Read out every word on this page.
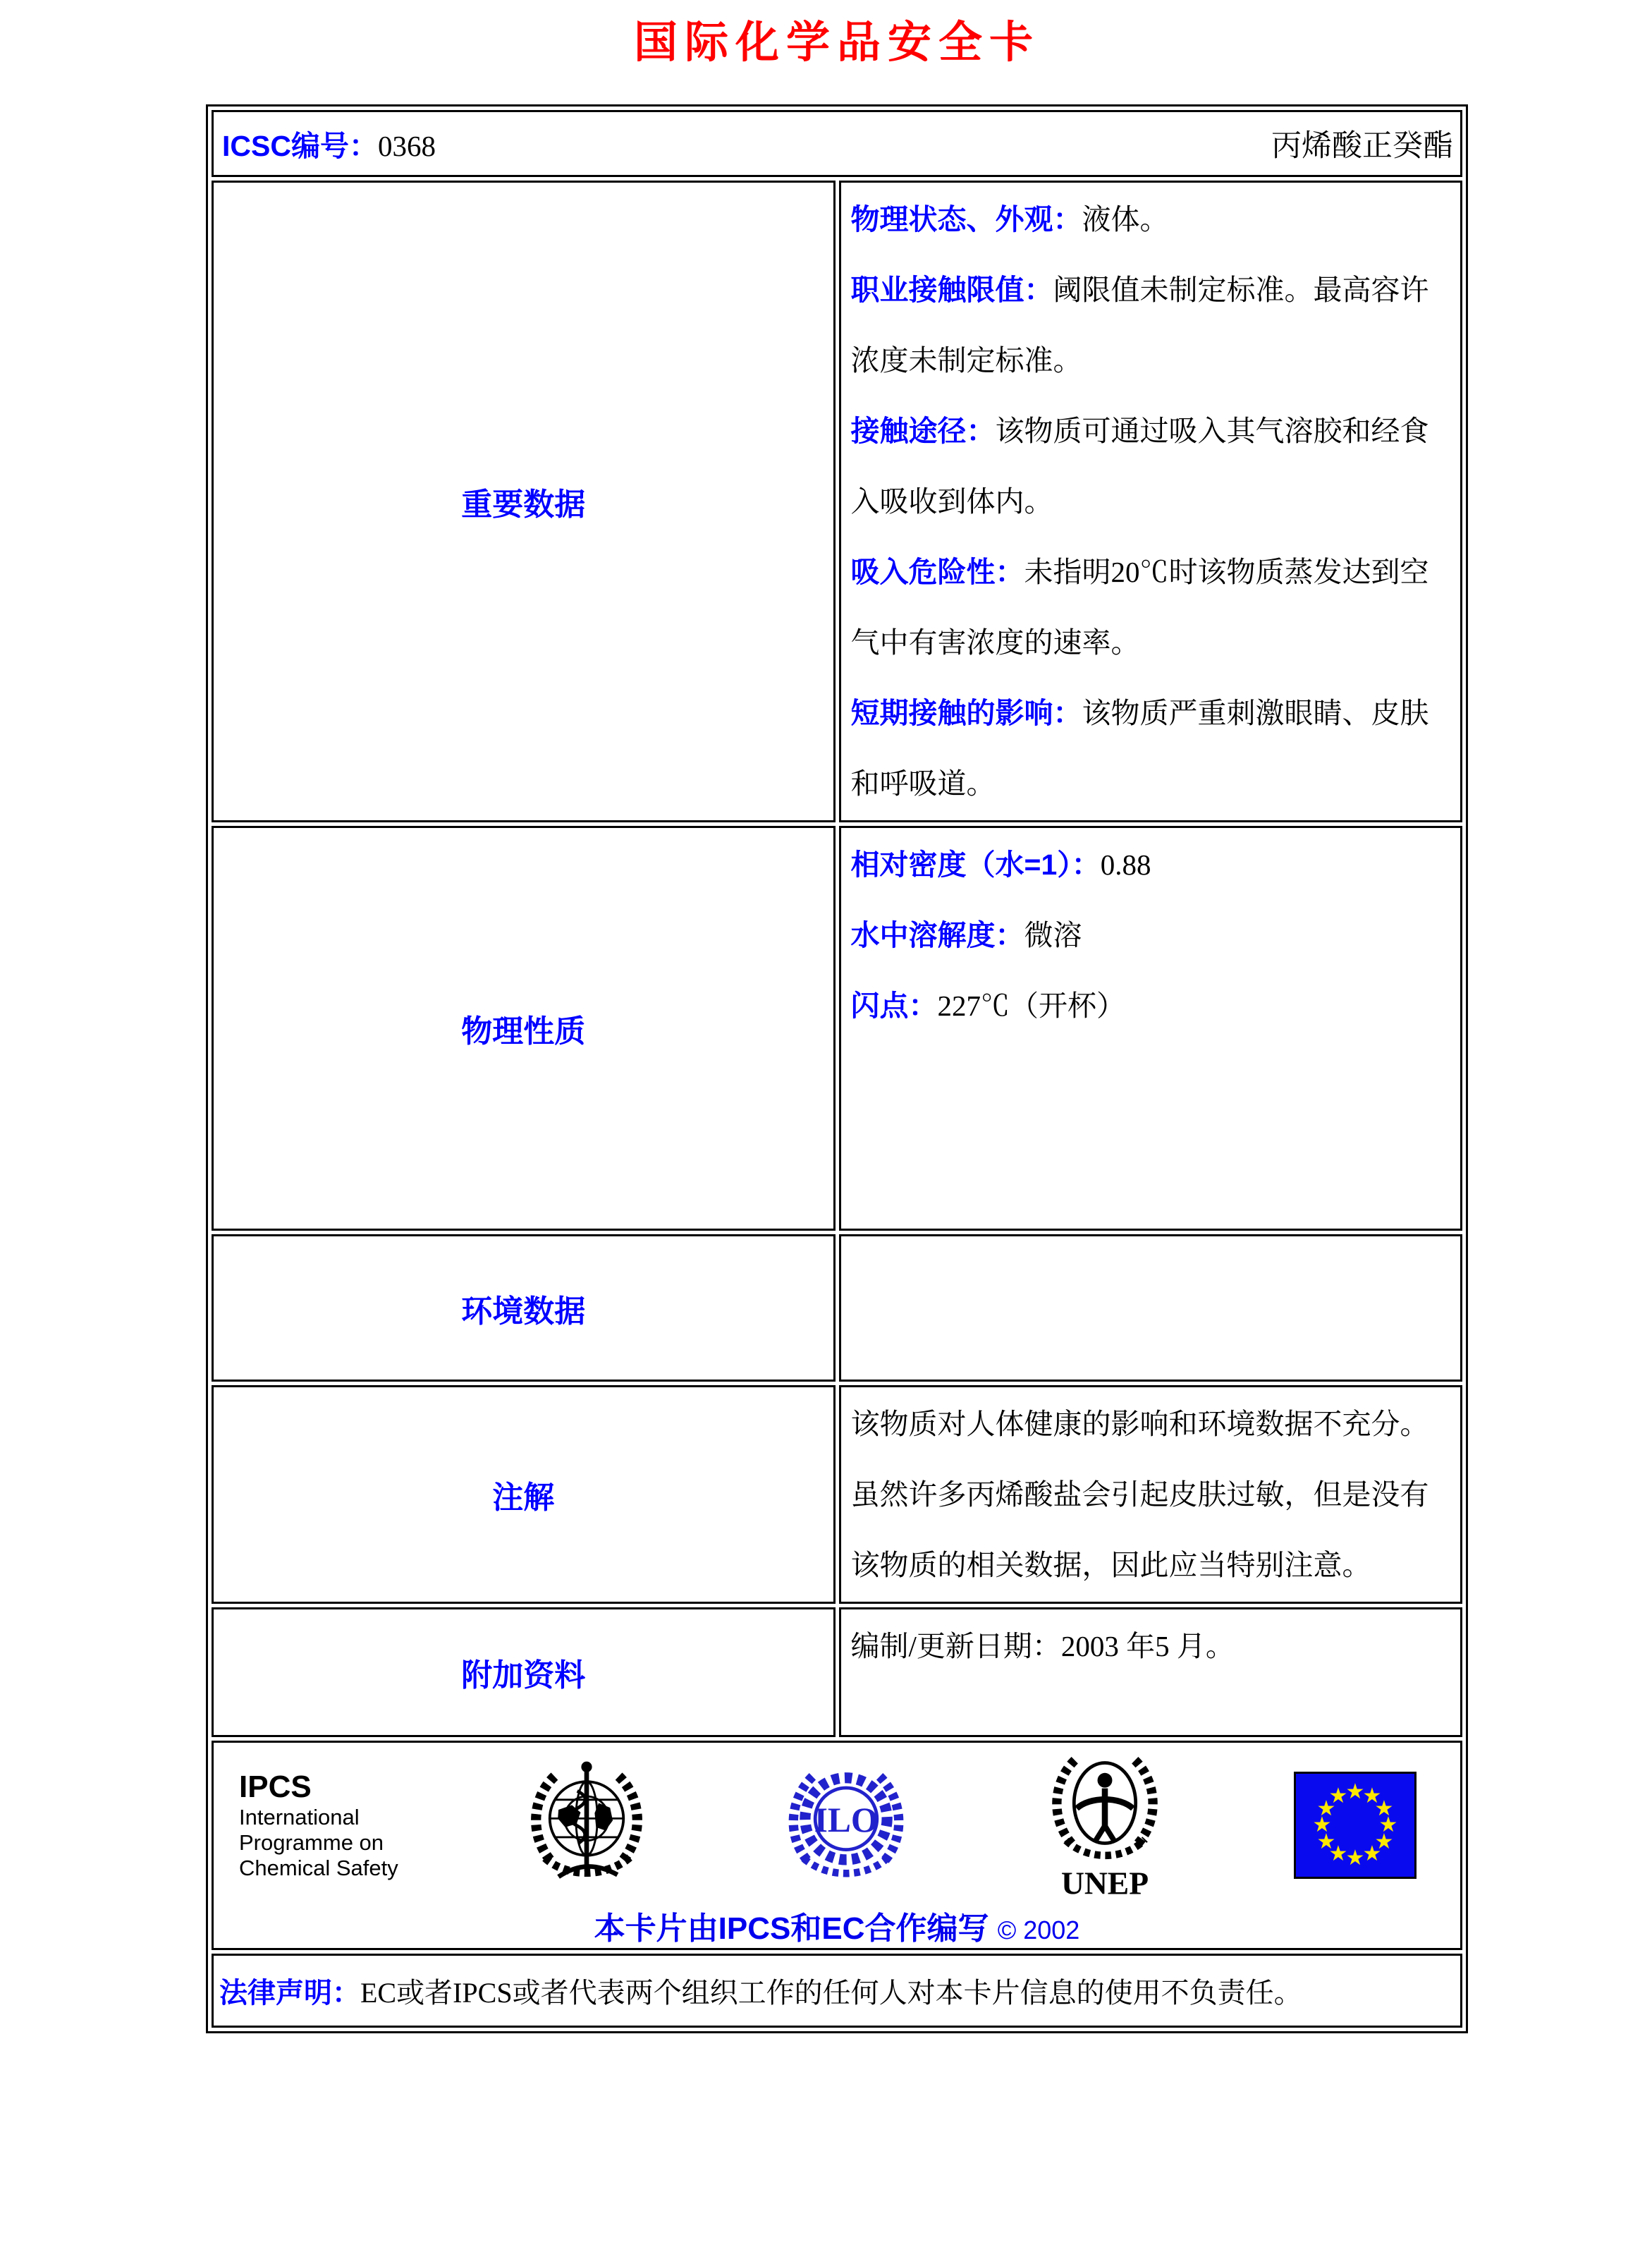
国际化学品安全卡
ICSC编号：0368 丙烯酸正癸酯	

重要数据	物理状态、外观：液体。

职业接触限值：阈限值未制定标准。最高容许浓度未制定标准。

接触途径：该物质可通过吸入其气溶胶和经食入吸收到体内。

吸入危险性：未指明20℃时该物质蒸发达到空气中有害浓度的速率。

短期接触的影响：该物质严重刺激眼睛、皮肤和呼吸道。

物理性质	相对密度（水=1）：0.88

水中溶解度：微溶

闪点：227℃（开杯）

环境数据	
注解	该物质对人体健康的影响和环境数据不充分。虽然许多丙烯酸盐会引起皮肤过敏，但是没有该物质的相关数据，因此应当特别注意。

附加资料	编制/更新日期：2003 年5 月。

IPCS
International
Programme on
Chemical Safety
ILO
UNEP
本卡片由IPCS和EC合作编写 © 2002

法律声明： EC或者IPCS或者代表两个组织工作的任何人对本卡片信息的使用不负责任。	
